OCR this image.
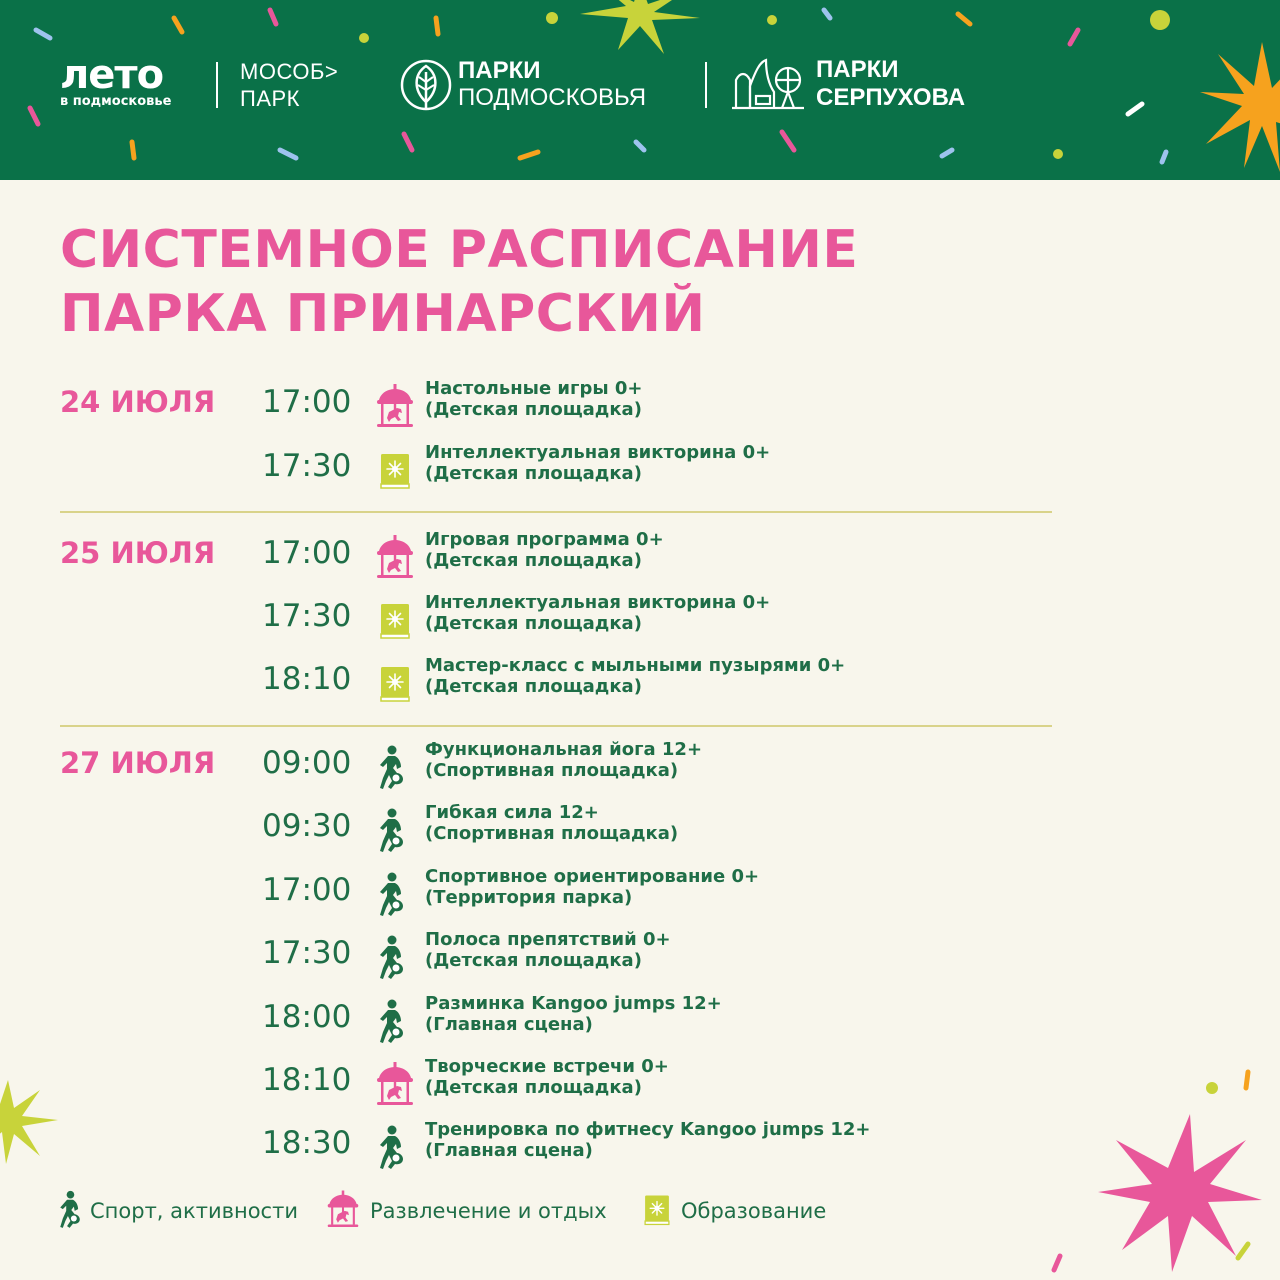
лето
в подмосковье
МОСОБ>
ПАРК
ПАРКИ
ПОДМОСКОВЬЯ
ПАРКИ
СЕРПУХОВА
СИСТЕМНОЕ РАСПИСАНИЕ
ПАРКА ПРИНАРСКИЙ
24 ИЮЛЯ 17:00	Настольные игры 0+
(Детская площадка)
17:30	Интеллектуальная викторина 0+
(Детская площадка)
25 ИЮЛЯ 17:00	Игровая программа 0+
(Детская площадка)
17:30	Интеллектуальная викторина 0+
(Детская площадка)
18:10	Мастер-класс с мыльными пузырями 0+
(Детская площадка)
27 ИЮЛЯ 09:00	Функциональная йога 12+
(Спортивная площадка)
09:30	Гибкая сила 12+
(Спортивная площадка)
17:00	Спортивное ориентирование 0+
(Территория парка)
17:30	Полоса препятствий 0+
(Детская площадка)
18:00	Разминка Kangoo jumps 12+
(Главная сцена)
18:10	Творческие встречи 0+
(Детская площадка)
18:30	Тренировка по фитнесу Kangoo jumps 12+
(Главная сцена)
Спорт, активности	Развлечение и отдых	Образование
